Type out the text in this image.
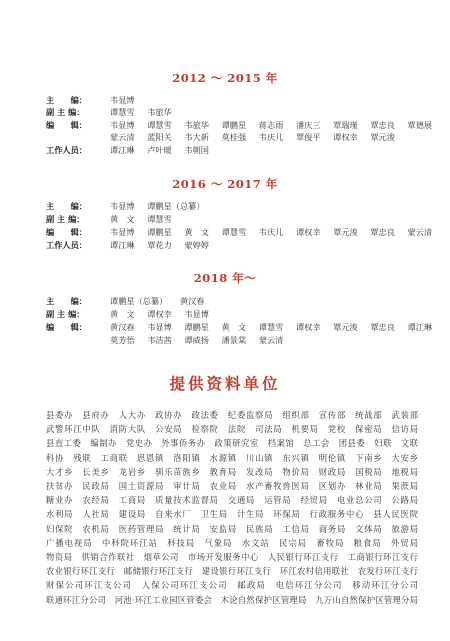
2012 ～ 2015 年
主　　编：	韦显博
副 主 编：	谭慧雪 韦旅华
编　　辑：	韦显博 谭慧雪 韦旅华 谭鹏星 蒋志雨 潘庆三 覃瑞瑾 覃忠良 覃德展
蒙云清 蓝阳关 韦大新 莫桂强 韦庆儿 覃俊平 谭权幸 覃元浚
工作人员：	谭江琳 卢叶暖 韦朝国
2016 ～ 2017 年
主　　编：	韦显博 谭鹏星（总纂）
副 主 编：	黄　文 谭慧雪
编　　辑：	韦显博 谭鹏星 黄　文 谭慧雪 韦庆儿 谭权幸 覃元浚 覃忠良 蒙云清
工作人员：	谭江琳 覃花力 蒙婷婷
2018 年～
主　　编：	谭鹏星（总纂） 黄汉春
副 主 编：	黄　文 谭权幸 韦显博
编　　辑：	黄汉春 韦显博 谭鹏星 黄　文 谭慧雪 谭权幸 覃元浚 覃忠良 谭江琳
莫芳悟 韦洁茜 谭威扬 潘景棠 蒙云清
提供资料单位
县委办　县府办　人大办　政协办　政法委　纪委监察局　组织部　宣传部　统战部　武装部
武警环江中队　消防大队　公安局　检察院　法院　司法局　机要局　党校　保密局　信访局
县直工委　编制办　党史办　外事侨务办　政策研究室　档案馆　总工会　团县委　妇联　文联
科协　残联　工商联　思恩镇　洛阳镇　水源镇　川山镇　东兴镇　明伦镇　下南乡　大安乡
大才乡　长美乡　龙岩乡　驯乐苗族乡　教育局　发改局　物价局　财政局　国税局　地税局
扶贫办　民政局　国土资源局　审计局　农业局　水产畜牧兽医局　区划办　林业局　果蔗局
糖业办　农经局　工商局　质量技术监督局　交通局　运管局　经贸局　电业总公司　公路局
水利局　人社局　建设局　自来水厂　卫生局　计生局　环保局　行政服务中心　县人民医院
妇保院　农机局　医药管理局　统计局　安监局　民族局　工信局　商务局　文体局　旅游局
广播电视局　中科院环江站　科技局　气象局　水文站　民宗局　畜牧局　粮食局　外贸局
物资局　供销合作联社　烟草公司　市场开发服务中心　人民银行环江支行　工商银行环江支行
农业银行环江支行　邮储银行环江支行　建设银行环江支行　环江农村信用联社　农发行环江支行
财保公司环江支公司　人保公司环江支公司　邮政局　电信环江分公司　移动环江分公司
联通环江分公司　河池·环江工业园区管委会　木论自然保护区管理局　九万山自然保护区管理分局
